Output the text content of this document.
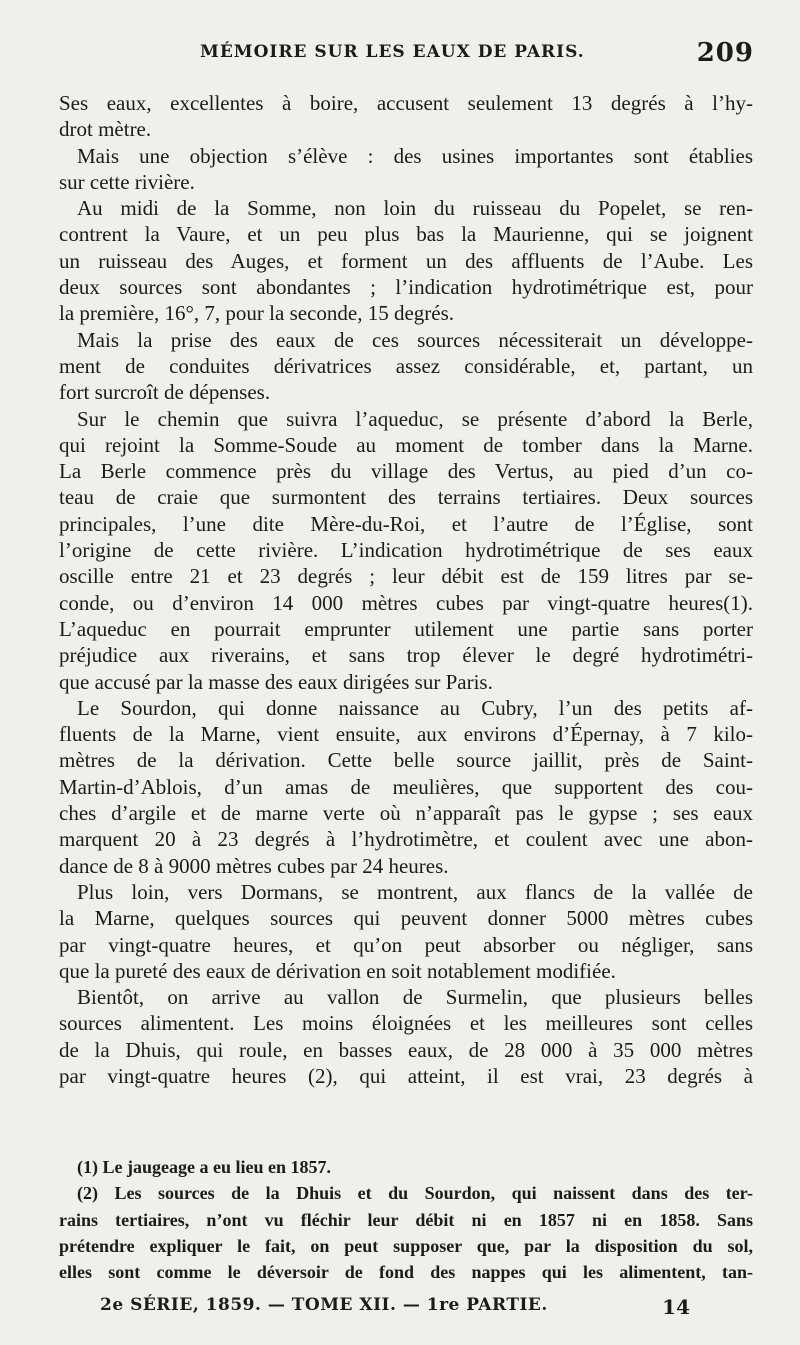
MÉMOIRE SUR LES EAUX DE PARIS.	209
Ses eaux, excellentes à boire, accusent seulement 13 degrés à l’hy-
drot mètre.
Mais une objection s’élève : des usines importantes sont établies
sur cette rivière.
Au midi de la Somme, non loin du ruisseau du Popelet, se ren-
contrent la Vaure, et un peu plus bas la Maurienne, qui se joignent
un ruisseau des Auges, et forment un des affluents de l’Aube. Les
deux sources sont abondantes ; l’indication hydrotimétrique est, pour
la première, 16°, 7, pour la seconde, 15 degrés.
Mais la prise des eaux de ces sources nécessiterait un développe-
ment de conduites dérivatrices assez considérable, et, partant, un
fort surcroît de dépenses.
Sur le chemin que suivra l’aqueduc, se présente d’abord la Berle,
qui rejoint la Somme-Soude au moment de tomber dans la Marne.
La Berle commence près du village des Vertus, au pied d’un co-
teau de craie que surmontent des terrains tertiaires. Deux sources
principales, l’une dite Mère-du-Roi, et l’autre de l’Église, sont
l’origine de cette rivière. L’indication hydrotimétrique de ses eaux
oscille entre 21 et 23 degrés ; leur débit est de 159 litres par se-
conde, ou d’environ 14 000 mètres cubes par vingt-quatre heures(1).
L’aqueduc en pourrait emprunter utilement une partie sans porter
préjudice aux riverains, et sans trop élever le degré hydrotimétri-
que accusé par la masse des eaux dirigées sur Paris.
Le Sourdon, qui donne naissance au Cubry, l’un des petits af-
fluents de la Marne, vient ensuite, aux environs d’Épernay, à 7 kilo-
mètres de la dérivation. Cette belle source jaillit, près de Saint-
Martin-d’Ablois, d’un amas de meulières, que supportent des cou-
ches d’argile et de marne verte où n’apparaît pas le gypse ; ses eaux
marquent 20 à 23 degrés à l’hydrotimètre, et coulent avec une abon-
dance de 8 à 9000 mètres cubes par 24 heures.
Plus loin, vers Dormans, se montrent, aux flancs de la vallée de
la Marne, quelques sources qui peuvent donner 5000 mètres cubes
par vingt-quatre heures, et qu’on peut absorber ou négliger, sans
que la pureté des eaux de dérivation en soit notablement modifiée.
Bientôt, on arrive au vallon de Surmelin, que plusieurs belles
sources alimentent. Les moins éloignées et les meilleures sont celles
de la Dhuis, qui roule, en basses eaux, de 28 000 à 35 000 mètres
par vingt-quatre heures (2), qui atteint, il est vrai, 23 degrés à
(1) Le jaugeage a eu lieu en 1857.
(2) Les sources de la Dhuis et du Sourdon, qui naissent dans des ter-
rains tertiaires, n’ont vu fléchir leur débit ni en 1857 ni en 1858. Sans
prétendre expliquer le fait, on peut supposer que, par la disposition du sol,
elles sont comme le déversoir de fond des nappes qui les alimentent, tan-
2e SÉRIE, 1859. — TOME XII. — 1re PARTIE.	14
